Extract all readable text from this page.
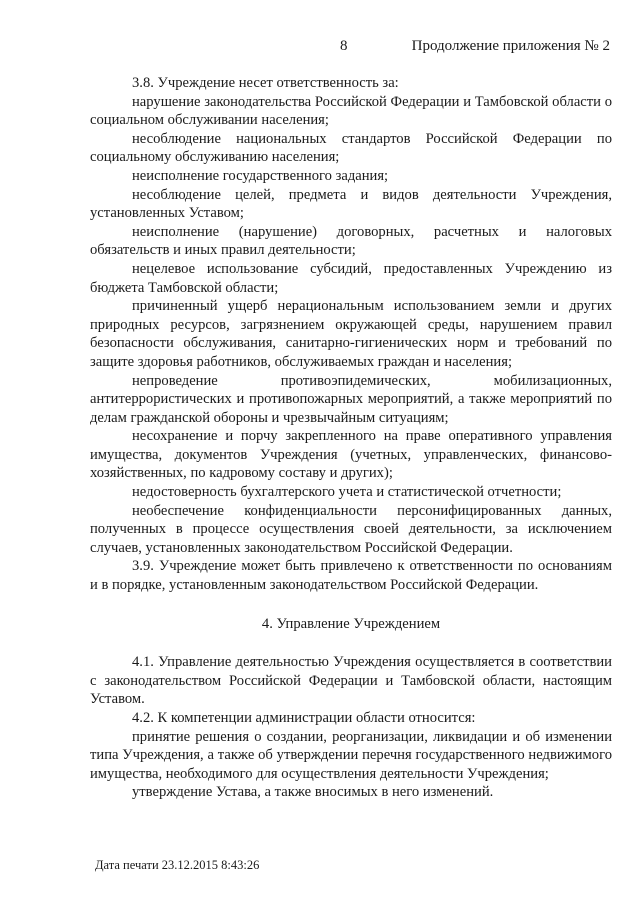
8	Продолжение приложения № 2

3.8. Учреждение несет ответственность за:

нарушение законодательства Российской Федерации и Тамбовской области о социальном обслуживании населения;

несоблюдение национальных стандартов Российской Федерации по социальному обслуживанию населения;

неисполнение государственного задания;

несоблюдение целей, предмета и видов деятельности Учреждения, установленных Уставом;

неисполнение (нарушение) договорных, расчетных и налоговых обязательств и иных правил деятельности;

нецелевое использование субсидий, предоставленных Учреждению из бюджета Тамбовской области;

причиненный ущерб нерациональным использованием земли и других природных ресурсов, загрязнением окружающей среды, нарушением правил безопасности обслуживания, санитарно-гигиенических норм и требований по защите здоровья работников, обслуживаемых граждан и населения;

непроведение противоэпидемических, мобилизационных, антитеррористических и противопожарных мероприятий, а также мероприятий по делам гражданской обороны и чрезвычайным ситуациям;

несохранение и порчу закрепленного на праве оперативного управления имущества, документов Учреждения (учетных, управленческих, финансово-хозяйственных, по кадровому составу и других);

недостоверность бухгалтерского учета и статистической отчетности;

необеспечение конфиденциальности персонифицированных данных, полученных в процессе осуществления своей деятельности, за исключением случаев, установленных законодательством Российской Федерации.

3.9. Учреждение может быть привлечено к ответственности по основаниям и в порядке, установленным законодательством Российской Федерации.

4. Управление Учреждением

4.1. Управление деятельностью Учреждения осуществляется в соответствии с законодательством Российской Федерации и Тамбовской области, настоящим Уставом.

4.2. К компетенции администрации области относится:

принятие решения о создании, реорганизации, ликвидации и об изменении типа Учреждения, а также об утверждении перечня государственного недвижимого имущества, необходимого для осуществления деятельности Учреждения;

утверждение Устава, а также вносимых в него изменений.

Дата печати 23.12.2015 8:43:26
